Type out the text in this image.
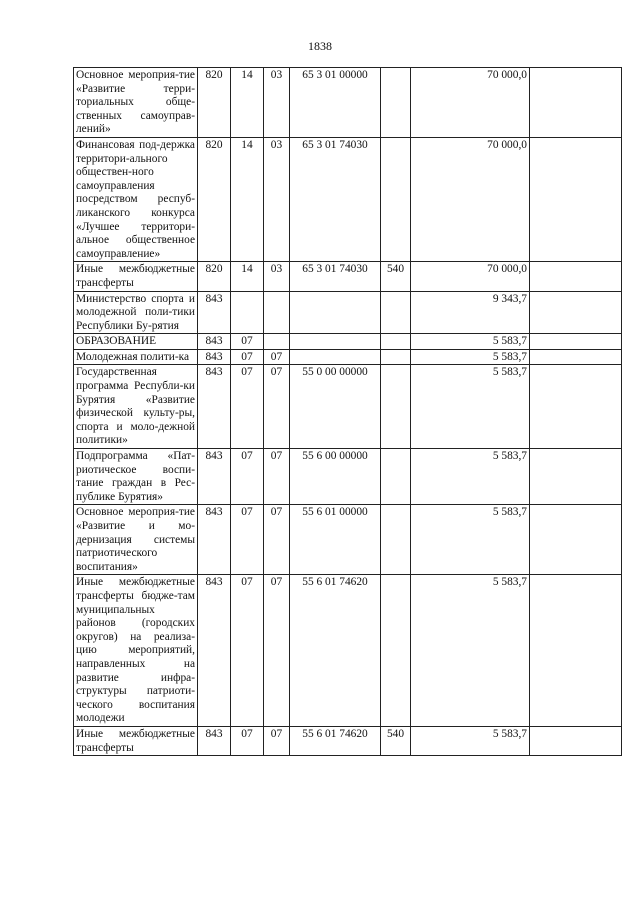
1838
Основное мероприя-тие «Развитие терри-ториальных обще-ственных самоуправ-лений»	820	14	03	65 3 01 00000		70 000,0	
Финансовая под-держка территори-ального обществен-ного самоуправления посредством респуб-ликанского конкурса «Лучшее территори-альное общественное самоуправление»	820	14	03	65 3 01 74030		70 000,0	
Иные межбюджетные трансферты	820	14	03	65 3 01 74030	540	70 000,0	
Министерство спорта и молодежной поли-тики Республики Бу-рятия	843					9 343,7	
ОБРАЗОВАНИЕ	843	07				5 583,7	
Молодежная полити-ка	843	07	07			5 583,7	
Государственная программа Республи-ки Бурятия «Развитие физической культу-ры, спорта и моло-дежной политики»	843	07	07	55 0 00 00000		5 583,7	
Подпрограмма «Пат-риотическое воспи-тание граждан в Рес-публике Бурятия»	843	07	07	55 6 00 00000		5 583,7	
Основное мероприя-тие «Развитие и мо-дернизация системы патриотического воспитания»	843	07	07	55 6 01 00000		5 583,7	
Иные межбюджетные трансферты бюдже-там муниципальных районов (городских округов) на реализа-цию мероприятий, направленных на развитие инфра-структуры патриоти-ческого воспитания молодежи	843	07	07	55 6 01 74620		5 583,7	
Иные межбюджетные трансферты	843	07	07	55 6 01 74620	540	5 583,7	
